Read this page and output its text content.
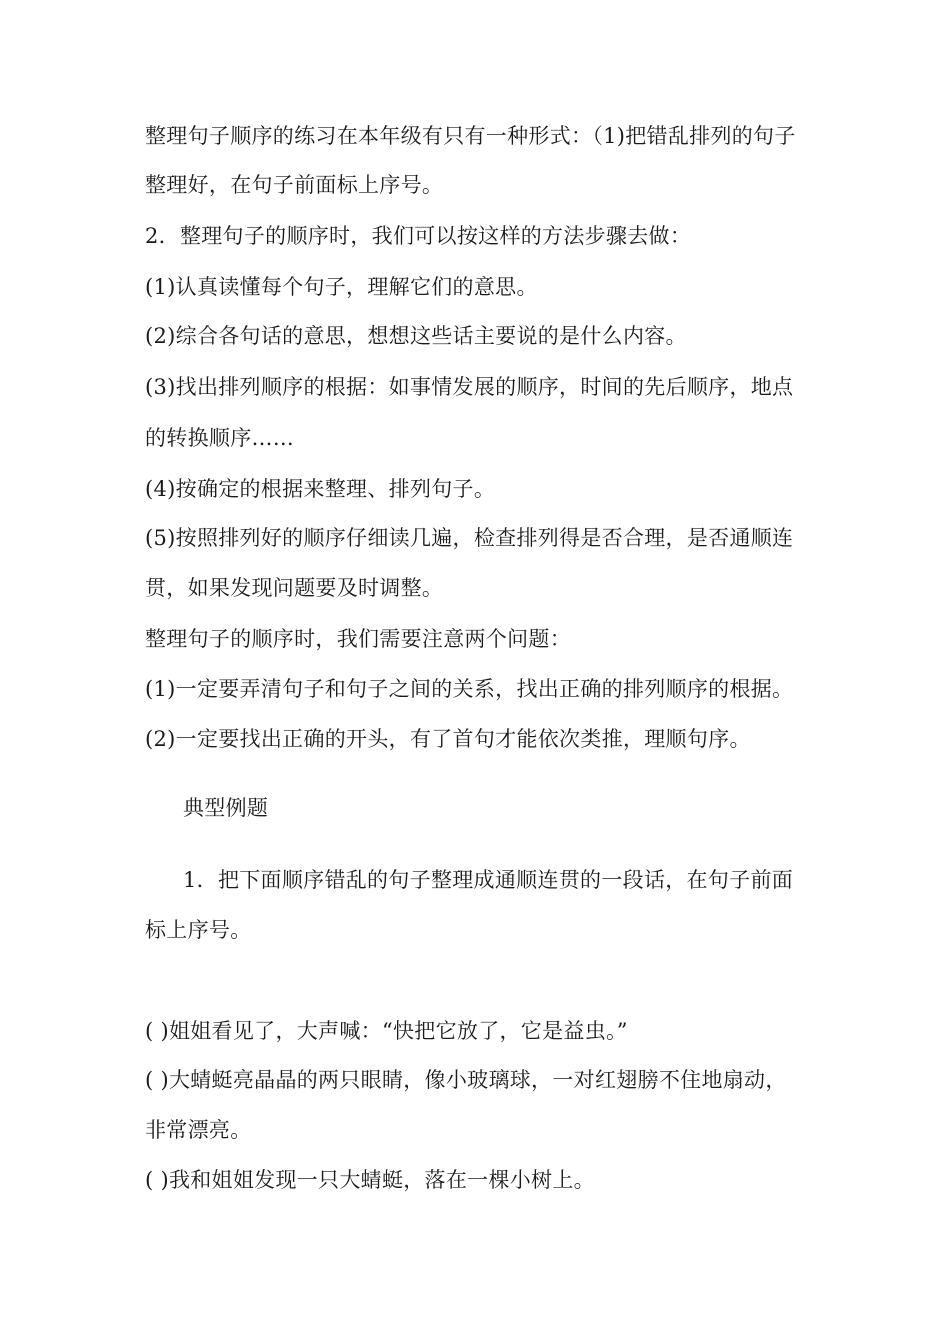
整理句子顺序的练习在本年级有只有一种形式：（1)把错乱排列的句子
整理好，在句子前面标上序号。
2．整理句子的顺序时，我们可以按这样的方法步骤去做：
(1)认真读懂每个句子，理解它们的意思。
(2)综合各句话的意思，想想这些话主要说的是什么内容。
(3)找出排列顺序的根据：如事情发展的顺序，时间的先后顺序，地点
的转换顺序……
(4)按确定的根据来整理、排列句子。
(5)按照排列好的顺序仔细读几遍，检查排列得是否合理，是否通顺连
贯，如果发现问题要及时调整。
整理句子的顺序时，我们需要注意两个问题：
(1)一定要弄清句子和句子之间的关系，找出正确的排列顺序的根据。
(2)一定要找出正确的开头，有了首句才能依次类推，理顺句序。
典型例题
1．把下面顺序错乱的句子整理成通顺连贯的一段话，在句子前面
标上序号。
( )姐姐看见了，大声喊：“快把它放了，它是益虫。”
( )大蜻蜓亮晶晶的两只眼睛，像小玻璃球，一对红翅膀不住地扇动，
非常漂亮。
( )我和姐姐发现一只大蜻蜓，落在一棵小树上。
